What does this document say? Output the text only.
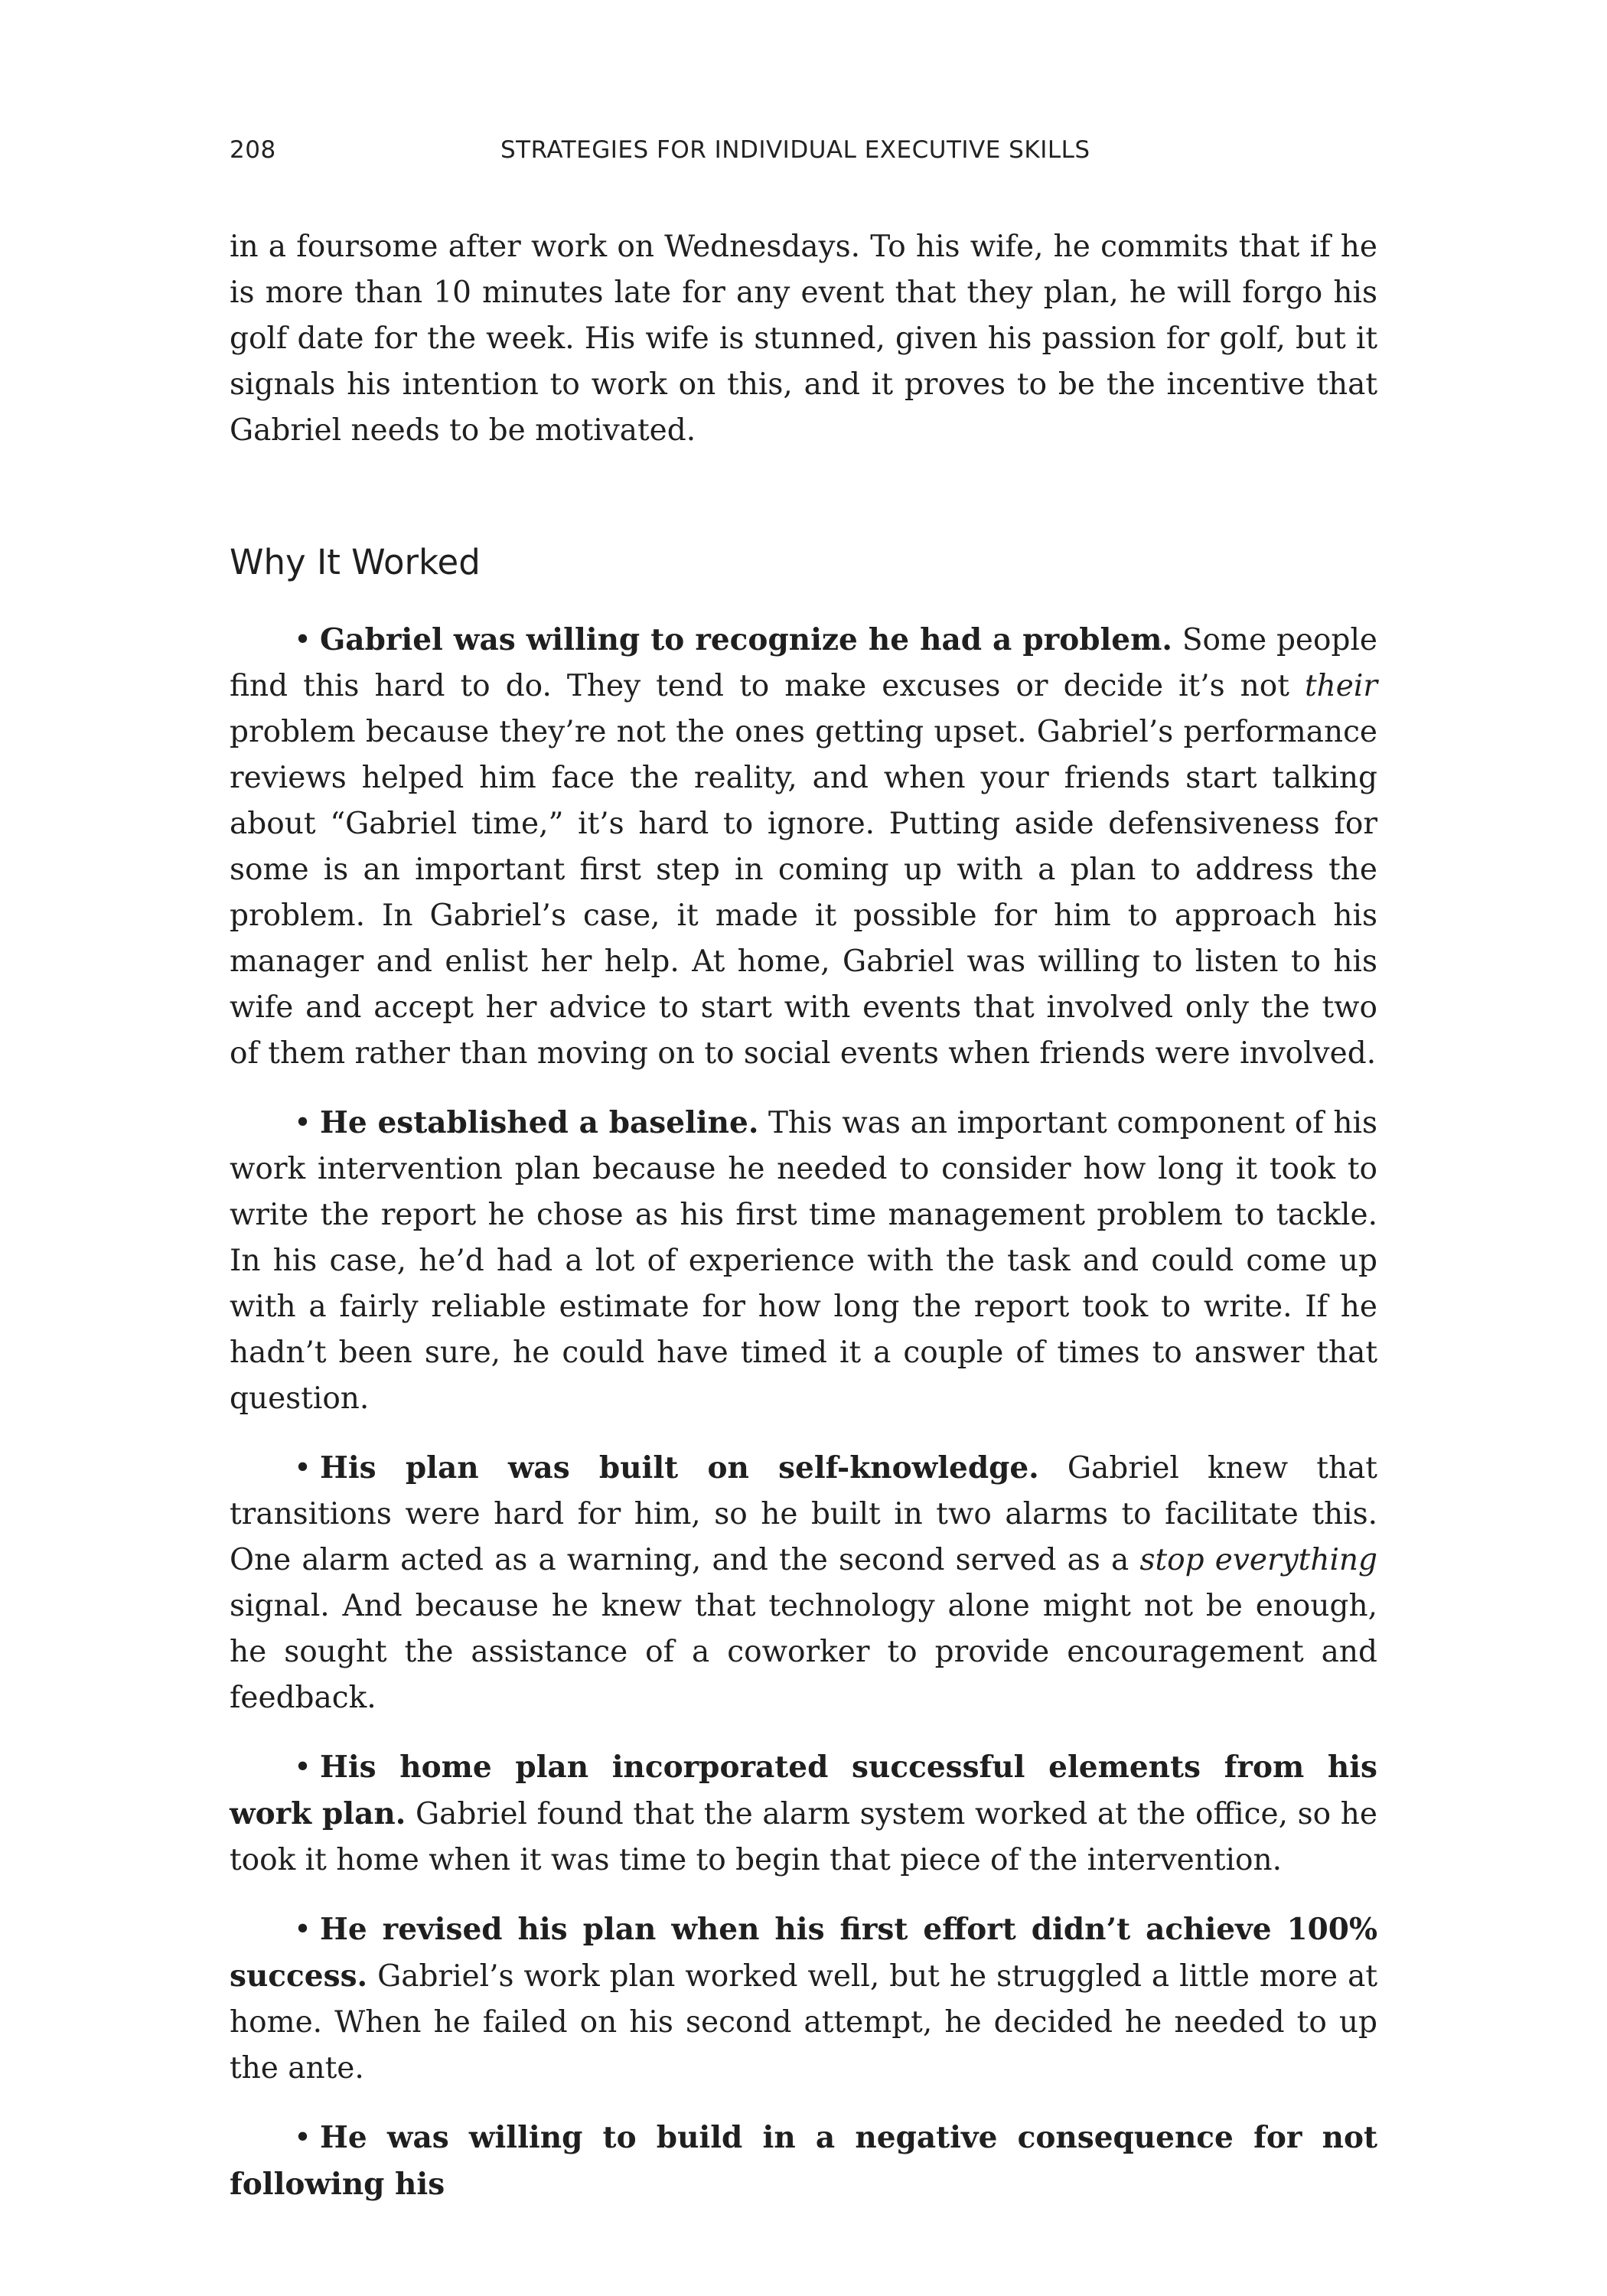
208	STRATEGIES FOR INDIVIDUAL EXECUTIVE SKILLS

in a foursome after work on Wednesdays. To his wife, he commits that if he is more than 10 minutes late for any event that they plan, he will forgo his golf date for the week. His wife is stunned, given his passion for golf, but it signals his intention to work on this, and it proves to be the incentive that Gabriel needs to be motivated.

Why It Worked

• Gabriel was willing to recognize he had a problem. Some people find this hard to do. They tend to make excuses or decide it’s not their problem because they’re not the ones getting upset. Gabriel’s performance reviews helped him face the reality, and when your friends start talking about “Gabriel time,” it’s hard to ignore. Putting aside defensiveness for some is an important first step in coming up with a plan to address the problem. In Gabriel’s case, it made it possible for him to approach his manager and enlist her help. At home, Gabriel was willing to listen to his wife and accept her advice to start with events that involved only the two of them rather than moving on to social events when friends were involved.

• He established a baseline. This was an important component of his work intervention plan because he needed to consider how long it took to write the report he chose as his first time management problem to tackle. In his case, he’d had a lot of experience with the task and could come up with a fairly reliable estimate for how long the report took to write. If he hadn’t been sure, he could have timed it a couple of times to answer that question.

• His plan was built on self-knowledge. Gabriel knew that transitions were hard for him, so he built in two alarms to facilitate this. One alarm acted as a warning, and the second served as a stop everything signal. And because he knew that technology alone might not be enough, he sought the assistance of a coworker to provide encouragement and feedback.

• His home plan incorporated successful elements from his work plan. Gabriel found that the alarm system worked at the office, so he took it home when it was time to begin that piece of the intervention.

• He revised his plan when his first effort didn’t achieve 100% success. Gabriel’s work plan worked well, but he struggled a little more at home. When he failed on his second attempt, he decided he needed to up the ante.

• He was willing to build in a negative consequence for not following his
